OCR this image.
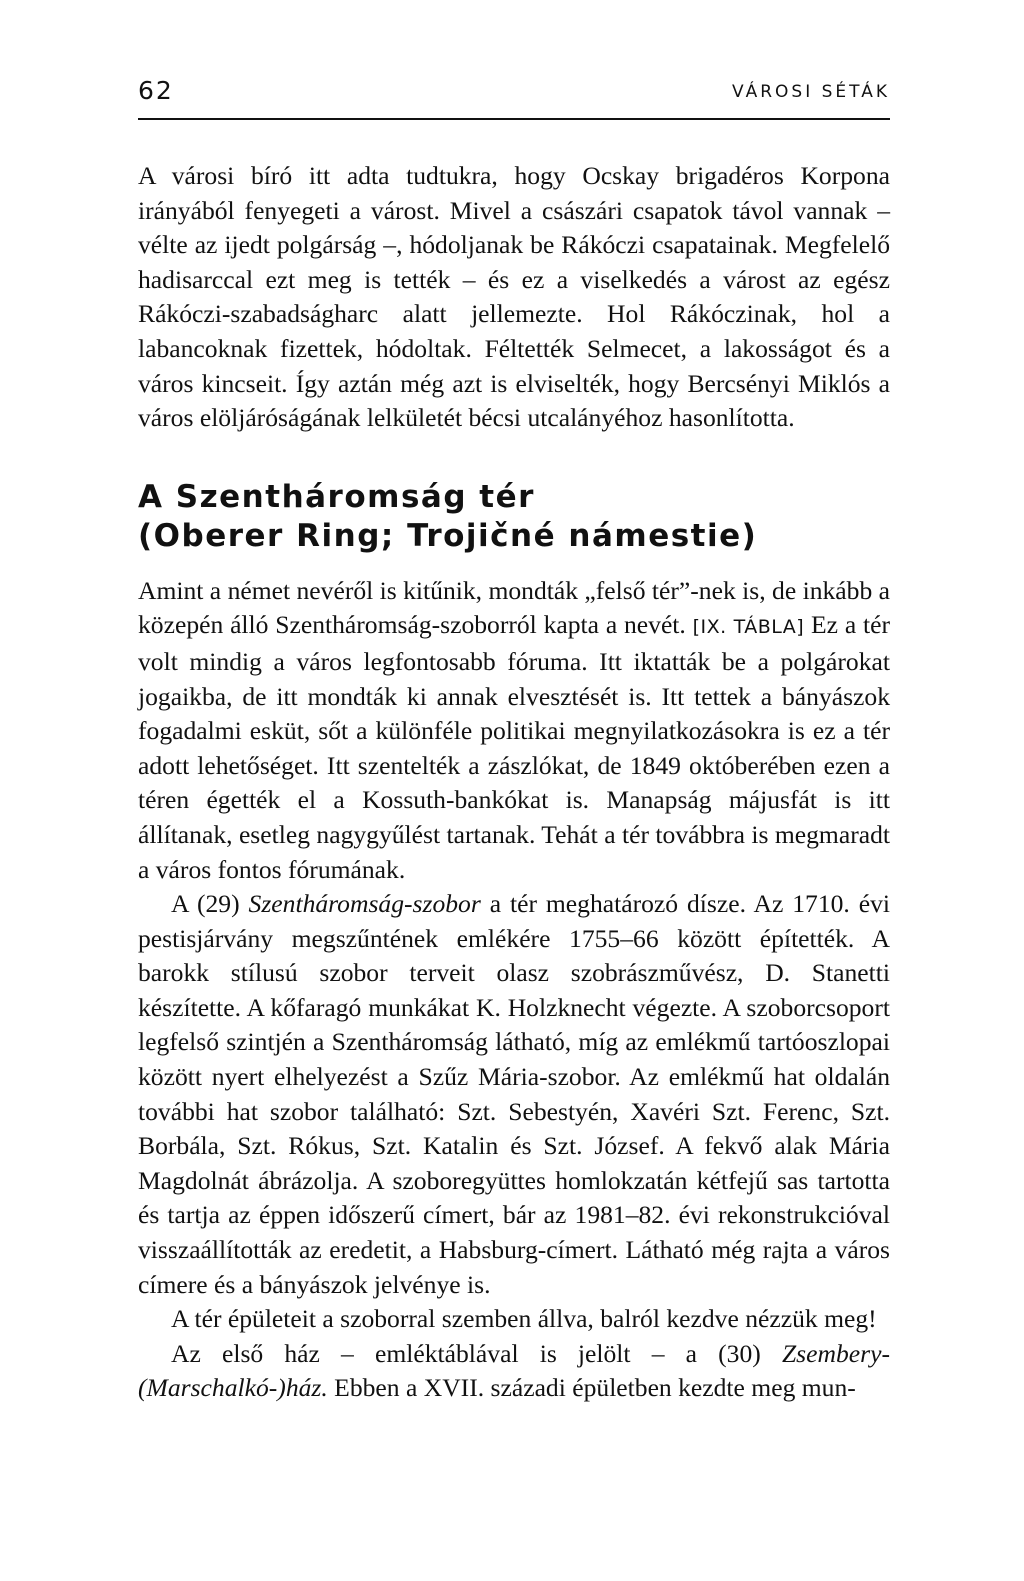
62	VÁROSI SÉTÁK

A városi bíró itt adta tudtukra, hogy Ocskay brigadéros Korpona irányából fenyegeti a várost. Mivel a császári csapatok távol vannak – vélte az ijedt polgárság –, hódoljanak be Rákóczi csapatainak. Megfelelő hadisarccal ezt meg is tették – és ez a viselkedés a várost az egész Rákóczi-szabadságharc alatt jellemezte. Hol Rákóczinak, hol a labancoknak fizettek, hódoltak. Féltették Selmecet, a lakosságot és a város kincseit. Így aztán még azt is elviselték, hogy Bercsényi Miklós a város elöljáróságának lelkületét bécsi utcalányéhoz hasonlította.

A Szentháromság tér
(Oberer Ring; Trojičné námestie)

Amint a német nevéről is kitűnik, mondták „felső tér”-nek is, de inkább a közepén álló Szentháromság-szoborról kapta a nevét. [IX. TÁBLA] Ez a tér volt mindig a város legfontosabb fóruma. Itt iktatták be a polgárokat jogaikba, de itt mondták ki annak elvesztését is. Itt tettek a bányászok fogadalmi esküt, sőt a különféle politikai megnyilatkozásokra is ez a tér adott lehetőséget. Itt szentelték a zászlókat, de 1849 októberében ezen a téren égették el a Kossuth-bankókat is. Manapság májusfát is itt állítanak, esetleg nagygyűlést tartanak. Tehát a tér továbbra is megmaradt a város fontos fórumának.

A (29) Szentháromság-szobor a tér meghatározó dísze. Az 1710. évi pestisjárvány megszűntének emlékére 1755–66 között építették. A barokk stílusú szobor terveit olasz szobrászművész, D. Stanetti készítette. A kőfaragó munkákat K. Holzknecht végezte. A szoborcsoport legfelső szintjén a Szentháromság látható, míg az emlékmű tartóoszlopai között nyert elhelyezést a Szűz Mária-szobor. Az emlékmű hat oldalán további hat szobor található: Szt. Sebestyén, Xavéri Szt. Ferenc, Szt. Borbála, Szt. Rókus, Szt. Katalin és Szt. József. A fekvő alak Mária Magdolnát ábrázolja. A szoboregyüttes homlokzatán kétfejű sas tartotta és tartja az éppen időszerű címert, bár az 1981–82. évi rekonstrukcióval visszaállították az eredetit, a Habsburg-címert. Látható még rajta a város címere és a bányászok jelvénye is.

A tér épületeit a szoborral szemben állva, balról kezdve nézzük meg!

Az első ház – emléktáblával is jelölt – a (30) Zsembery-(Marschalkó-)ház. Ebben a XVII. századi épületben kezdte meg mun-
